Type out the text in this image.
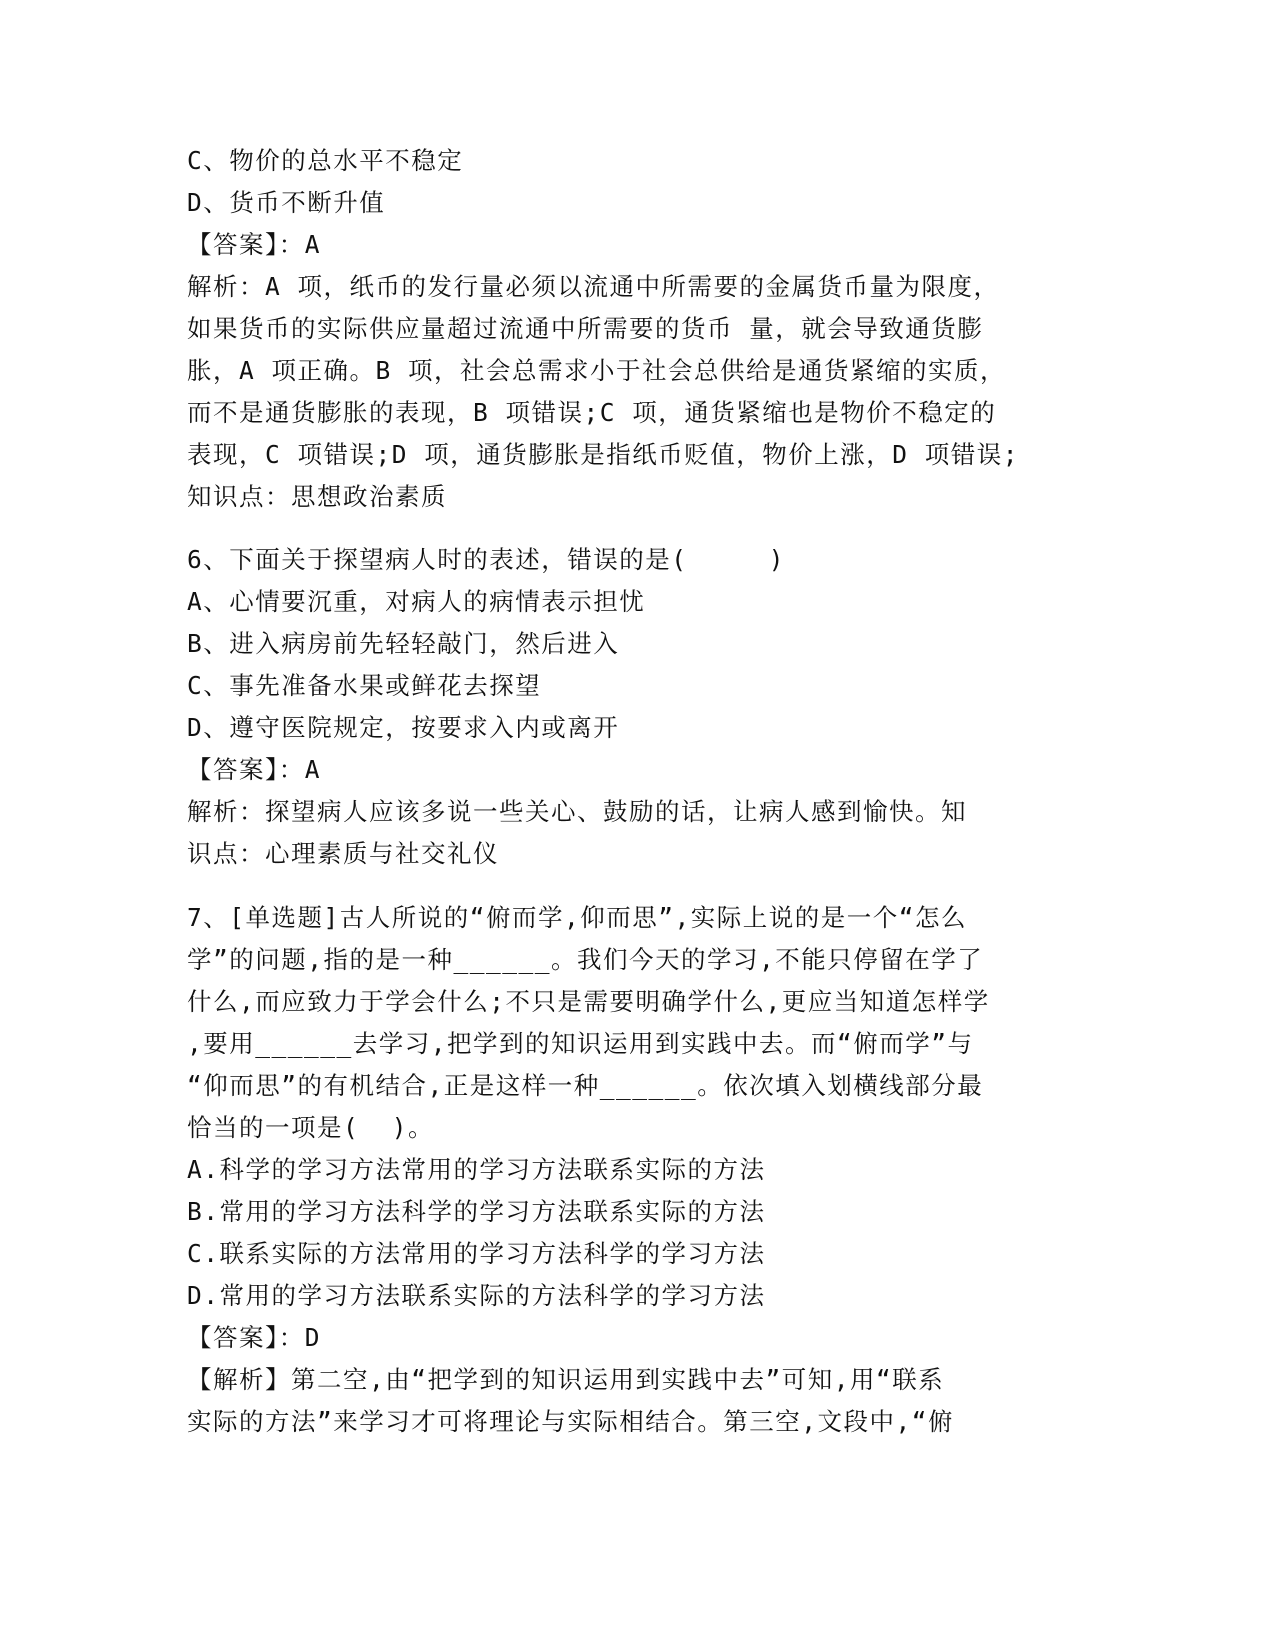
C、物价的总水平不稳定
D、货币不断升值
【答案】：A
解析：A 项，纸币的发行量必须以流通中所需要的金属货币量为限度，
如果货币的实际供应量超过流通中所需要的货币 量，就会导致通货膨
胀，A 项正确。B 项，社会总需求小于社会总供给是通货紧缩的实质，
而不是通货膨胀的表现，B 项错误;C 项，通货紧缩也是物价不稳定的
表现，C 项错误;D 项，通货膨胀是指纸币贬值，物价上涨，D 项错误;
知识点：思想政治素质
6、下面关于探望病人时的表述，错误的是(     )
A、心情要沉重，对病人的病情表示担忧
B、进入病房前先轻轻敲门，然后进入
C、事先准备水果或鲜花去探望
D、遵守医院规定，按要求入内或离开
【答案】：A
解析：探望病人应该多说一些关心、鼓励的话，让病人感到愉快。知
识点：心理素质与社交礼仪
7、[单选题]古人所说的“俯而学,仰而思”,实际上说的是一个“怎么
学”的问题,指的是一种______。我们今天的学习,不能只停留在学了
什么,而应致力于学会什么;不只是需要明确学什么,更应当知道怎样学
,要用______去学习,把学到的知识运用到实践中去。而“俯而学”与
“仰而思”的有机结合,正是这样一种______。依次填入划横线部分最
恰当的一项是(  )。
A.科学的学习方法常用的学习方法联系实际的方法
B.常用的学习方法科学的学习方法联系实际的方法
C.联系实际的方法常用的学习方法科学的学习方法
D.常用的学习方法联系实际的方法科学的学习方法
【答案】：D
【解析】第二空,由“把学到的知识运用到实践中去”可知,用“联系
实际的方法”来学习才可将理论与实际相结合。第三空,文段中,“俯
